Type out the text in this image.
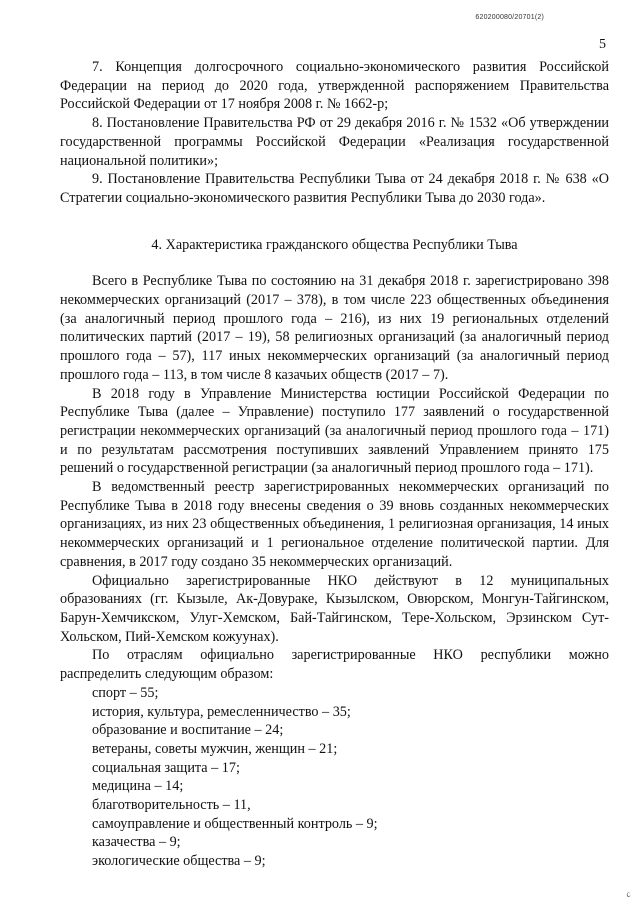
620200080/20701(2)
5

7. Концепция долгосрочного социально-экономического развития Российской Федерации на период до 2020 года, утвержденной распоряжением Правительства Российской Федерации от 17 ноября 2008 г. № 1662-р;

8. Постановление Правительства РФ от 29 декабря 2016 г. № 1532 «Об утверждении государственной программы Российской Федерации «Реализация государственной национальной политики»;

9. Постановление Правительства Республики Тыва от 24 декабря 2018 г. № 638 «О Стратегии социально-экономического развития Республики Тыва до 2030 года».

4. Характеристика гражданского общества Республики Тыва

Всего в Республике Тыва по состоянию на 31 декабря 2018 г. зарегистрировано 398 некоммерческих организаций (2017 – 378), в том числе 223 общественных объединения (за аналогичный период прошлого года – 216), из них 19 региональных отделений политических партий (2017 – 19), 58 религиозных организаций (за аналогичный период прошлого года – 57), 117 иных некоммерческих организаций (за аналогичный период прошлого года – 113, в том числе 8 казачьих обществ (2017 – 7).

В 2018 году в Управление Министерства юстиции Российской Федерации по Республике Тыва (далее – Управление) поступило 177 заявлений о государственной регистрации некоммерческих организаций (за аналогичный период прошлого года – 171) и по результатам рассмотрения поступивших заявлений Управлением принято 175 решений о государственной регистрации (за аналогичный период прошлого года – 171).

В ведомственный реестр зарегистрированных некоммерческих организаций по Республике Тыва в 2018 году внесены сведения о 39 вновь созданных некоммерческих организациях, из них 23 общественных объединения, 1 религиозная организация, 14 иных некоммерческих организаций и 1 региональное отделение политической партии. Для сравнения, в 2017 году создано 35 некоммерческих организаций.

Официально зарегистрированные НКО действуют в 12 муниципальных образованиях (гг. Кызыле, Ак-Довураке, Кызылском, Овюрском, Монгун-Тайгинском, Барун-Хемчикском, Улуг-Хемском, Бай-Тайгинском, Тере-Хольском, Эрзинском Сут-Хольском, Пий-Хемском кожуунах).

По отраслям официально зарегистрированные НКО республики можно распределить следующим образом:

спорт – 55;
история, культура, ремесленничество – 35;
образование и воспитание – 24;
ветераны, советы мужчин, женщин – 21;
социальная защита – 17;
медицина – 14;
благотворительность – 11,
самоуправление и общественный контроль – 9;
казачества – 9;
экологические общества – 9;
с
